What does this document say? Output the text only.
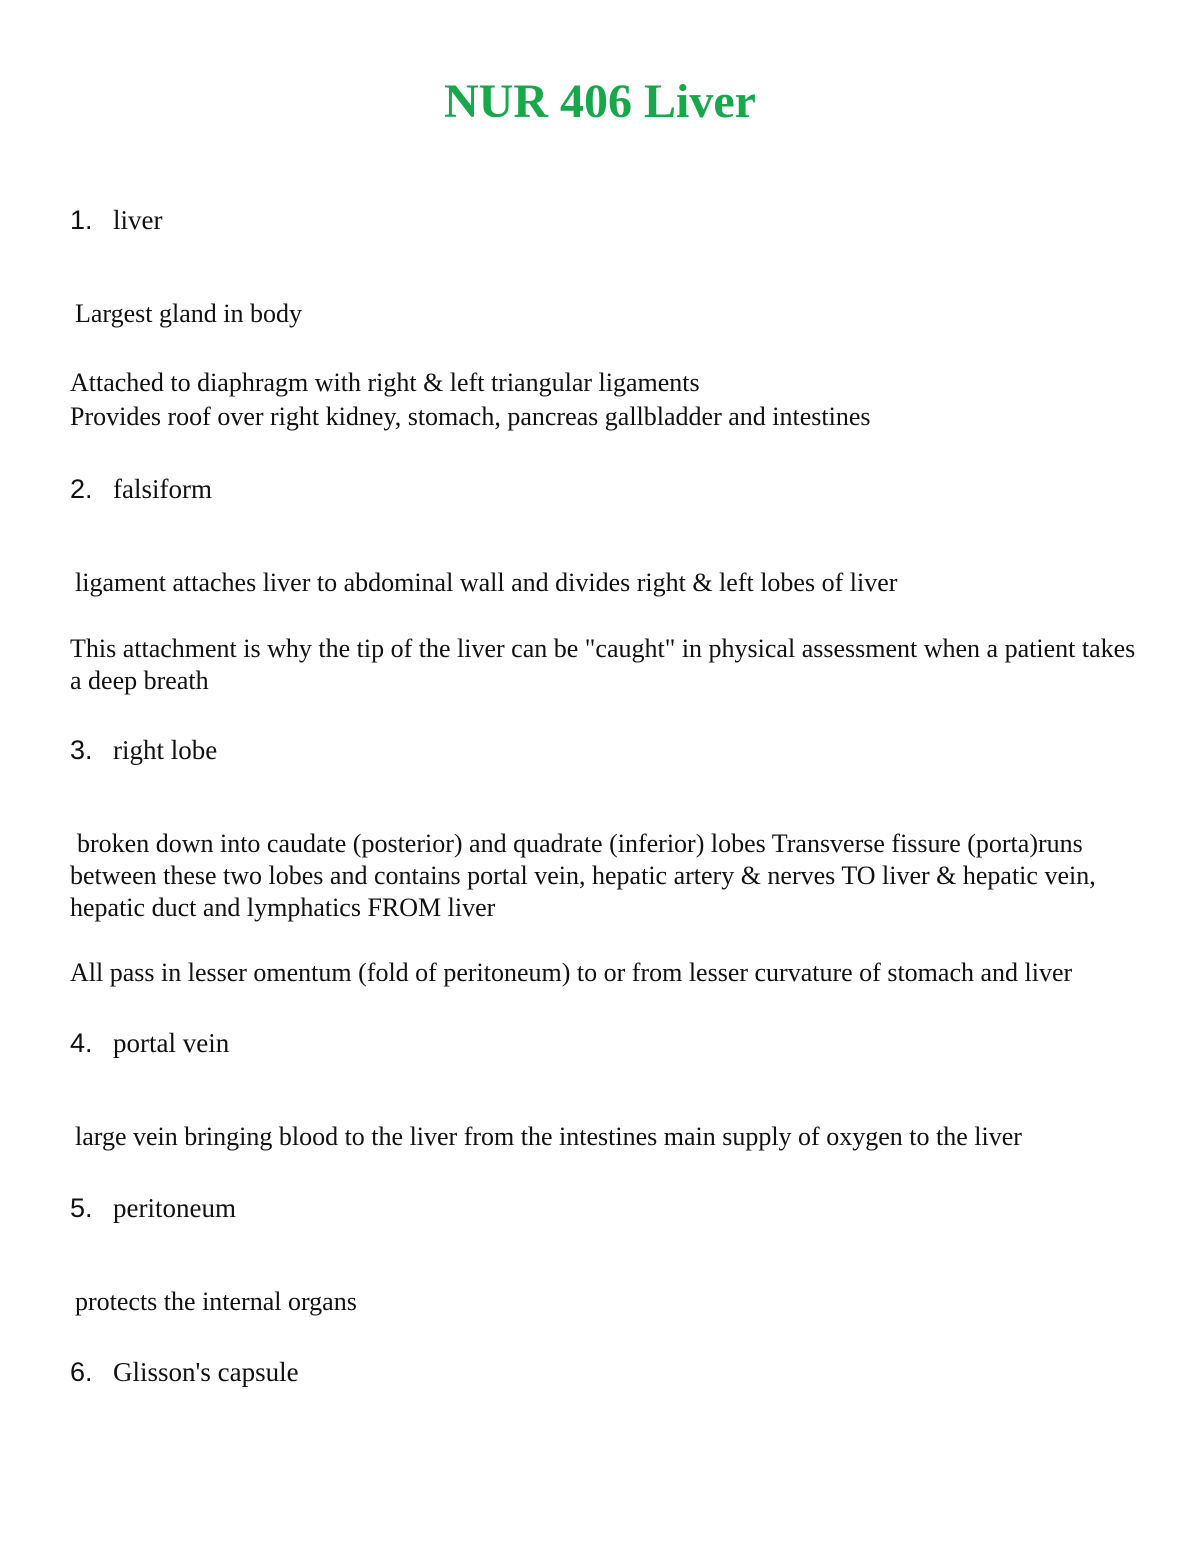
NUR 406 Liver
1. liver

Largest gland in body

Attached to diaphragm with right & left triangular ligaments

Provides roof over right kidney, stomach, pancreas gallbladder and intestines

2. falsiform

ligament attaches liver to abdominal wall and divides right & left lobes of liver

This attachment is why the tip of the liver can be "caught" in physical assessment when a patient takes a deep breath

3. right lobe

broken down into caudate (posterior) and quadrate (inferior) lobes Transverse fissure (porta)runs between these two lobes and contains portal vein, hepatic artery & nerves TO liver & hepatic vein, hepatic duct and lymphatics FROM liver

All pass in lesser omentum (fold of peritoneum) to or from lesser curvature of stomach and liver

4. portal vein

large vein bringing blood to the liver from the intestines main supply of oxygen to the liver

5. peritoneum

protects the internal organs

6. Glisson's capsule
